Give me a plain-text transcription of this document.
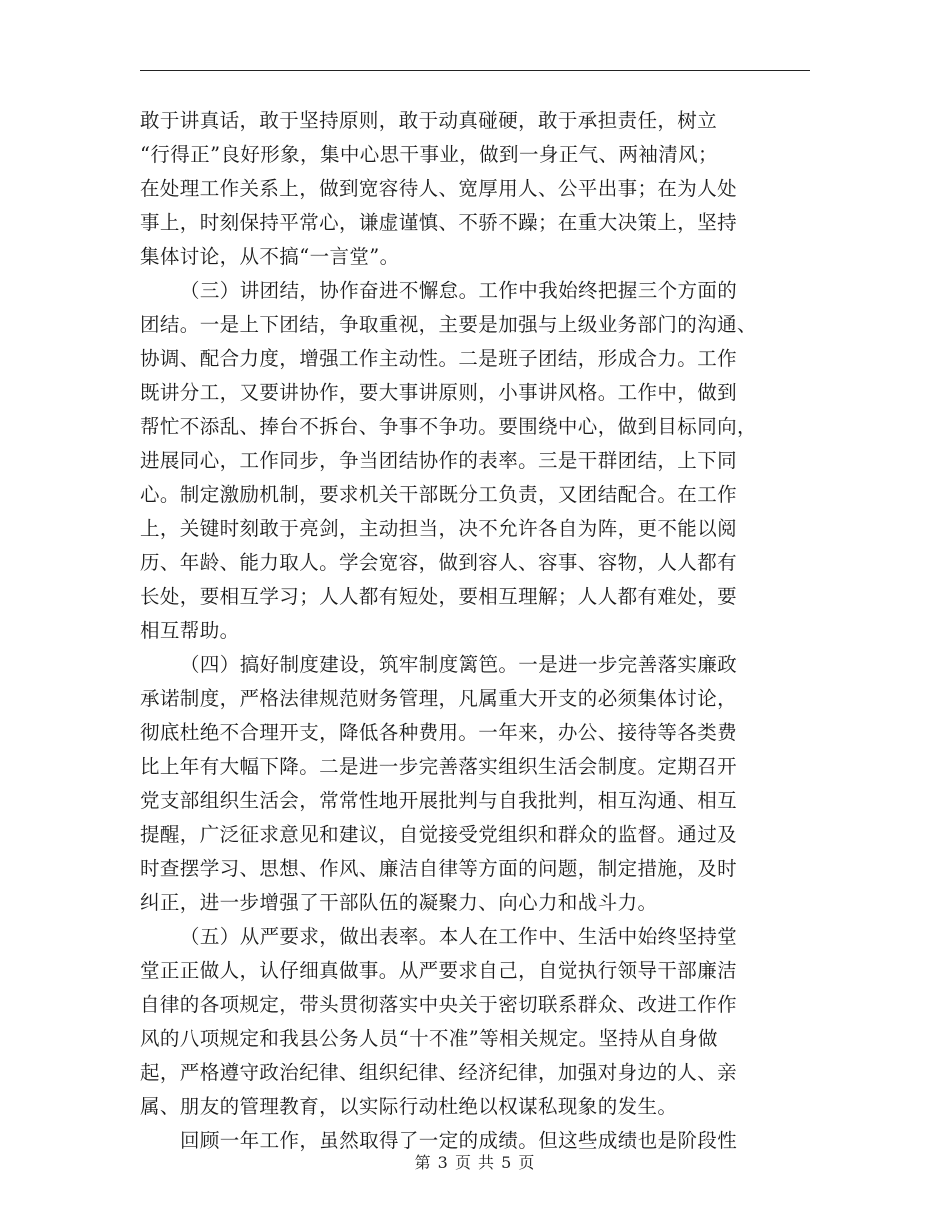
敢于讲真话，敢于坚持原则，敢于动真碰硬，敢于承担责任，树立
“行得正”良好形象，集中心思干事业，做到一身正气、两袖清风；
在处理工作关系上，做到宽容待人、宽厚用人、公平出事；在为人处
事上，时刻保持平常心，谦虚谨慎、不骄不躁；在重大决策上，坚持
集体讨论，从不搞“一言堂”。
（三）讲团结，协作奋进不懈怠。工作中我始终把握三个方面的
团结。一是上下团结，争取重视，主要是加强与上级业务部门的沟通、
协调、配合力度，增强工作主动性。二是班子团结，形成合力。工作
既讲分工，又要讲协作，要大事讲原则，小事讲风格。工作中，做到
帮忙不添乱、捧台不拆台、争事不争功。要围绕中心，做到目标同向，
进展同心，工作同步，争当团结协作的表率。三是干群团结，上下同
心。制定激励机制，要求机关干部既分工负责，又团结配合。在工作
上，关键时刻敢于亮剑，主动担当，决不允许各自为阵，更不能以阅
历、年龄、能力取人。学会宽容，做到容人、容事、容物，人人都有
长处，要相互学习；人人都有短处，要相互理解；人人都有难处，要
相互帮助。
（四）搞好制度建设，筑牢制度篱笆。一是进一步完善落实廉政
承诺制度，严格法律规范财务管理，凡属重大开支的必须集体讨论，
彻底杜绝不合理开支，降低各种费用。一年来，办公、接待等各类费
比上年有大幅下降。二是进一步完善落实组织生活会制度。定期召开
党支部组织生活会，常常性地开展批判与自我批判，相互沟通、相互
提醒，广泛征求意见和建议，自觉接受党组织和群众的监督。通过及
时查摆学习、思想、作风、廉洁自律等方面的问题，制定措施，及时
纠正，进一步增强了干部队伍的凝聚力、向心力和战斗力。
（五）从严要求，做出表率。本人在工作中、生活中始终坚持堂
堂正正做人，认仔细真做事。从严要求自己，自觉执行领导干部廉洁
自律的各项规定，带头贯彻落实中央关于密切联系群众、改进工作作
风的八项规定和我县公务人员“十不准”等相关规定。坚持从自身做
起，严格遵守政治纪律、组织纪律、经济纪律，加强对身边的人、亲
属、朋友的管理教育，以实际行动杜绝以权谋私现象的发生。
回顾一年工作，虽然取得了一定的成绩。但这些成绩也是阶段性
第 3 页 共 5 页
